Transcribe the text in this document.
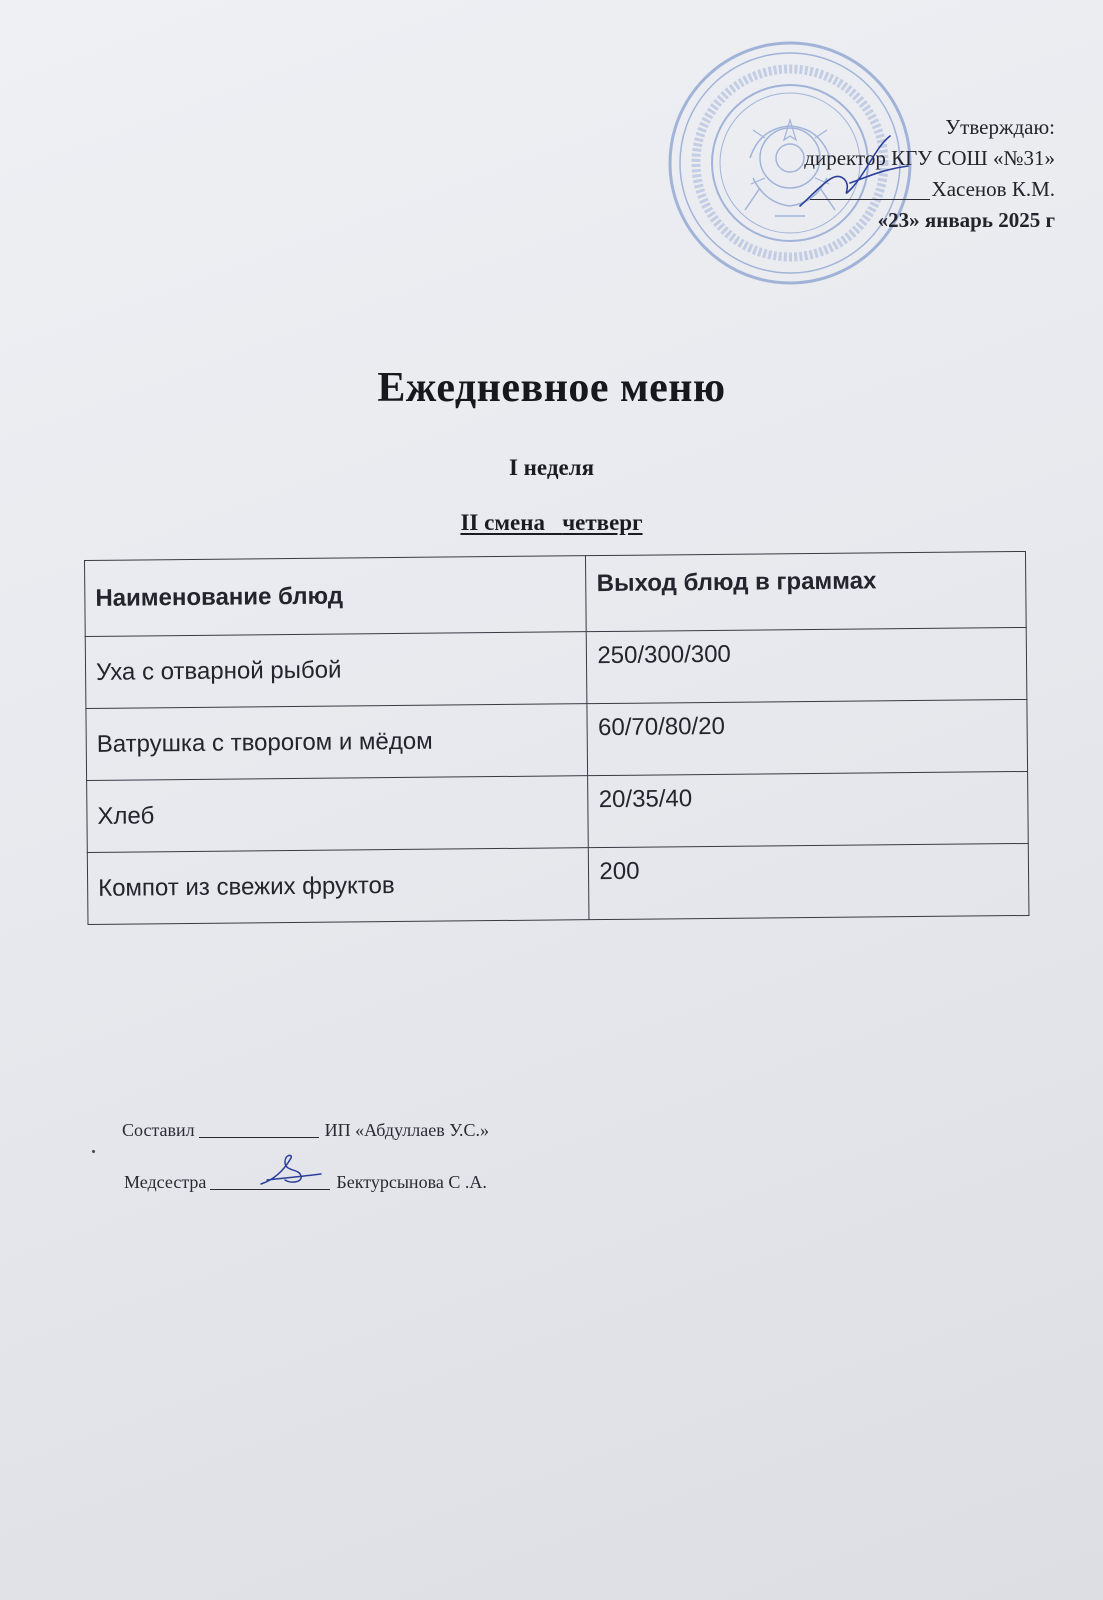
Утверждаю:
директор КГУ СОШ «№31»
Хасенов К.М.
«23» январь 2025 г
Ежедневное меню
I неделя
II смена четверг
Наименование блюд	Выход блюд в граммах
Уха с отварной рыбой	250/300/300
Ватрушка с творогом и мёдом	60/70/80/20
Хлеб	20/35/40
Компот из свежих фруктов	200
Составил	ИП «Абдуллаев У.С.»
Медсестра	Бектурсынова С .А.
